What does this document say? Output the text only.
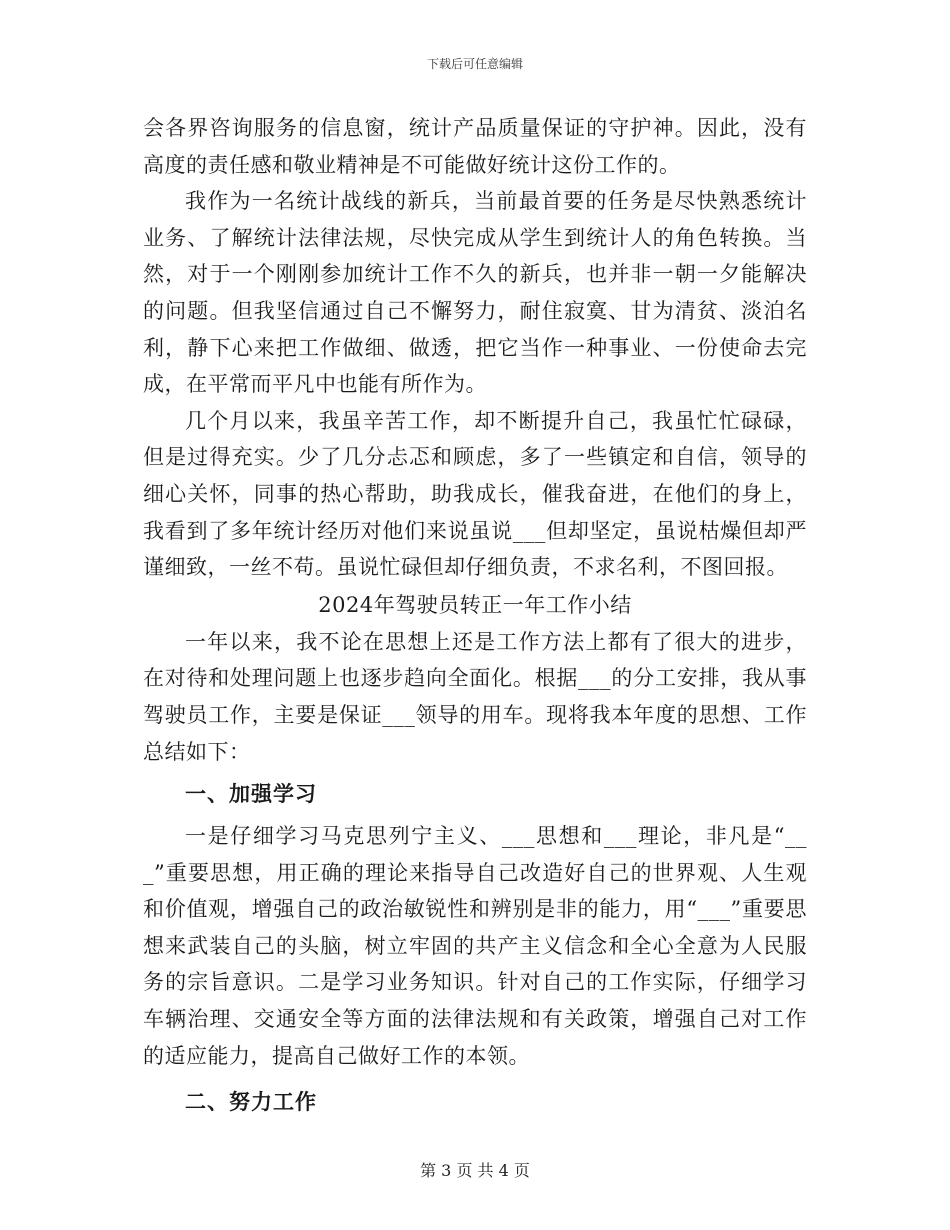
下载后可任意编辑

会各界咨询服务的信息窗，统计产品质量保证的守护神。因此，没有高度的责任感和敬业精神是不可能做好统计这份工作的。

我作为一名统计战线的新兵，当前最首要的任务是尽快熟悉统计业务、了解统计法律法规，尽快完成从学生到统计人的角色转换。当然，对于一个刚刚参加统计工作不久的新兵，也并非一朝一夕能解决的问题。但我坚信通过自己不懈努力，耐住寂寞、甘为清贫、淡泊名利，静下心来把工作做细、做透，把它当作一种事业、一份使命去完成，在平常而平凡中也能有所作为。

几个月以来，我虽辛苦工作，却不断提升自己，我虽忙忙碌碌，但是过得充实。少了几分忐忑和顾虑，多了一些镇定和自信，领导的细心关怀，同事的热心帮助，助我成长，催我奋进，在他们的身上，我看到了多年统计经历对他们来说虽说___但却坚定，虽说枯燥但却严谨细致，一丝不苟。虽说忙碌但却仔细负责，不求名利，不图回报。

2024年驾驶员转正一年工作小结

一年以来，我不论在思想上还是工作方法上都有了很大的进步，在对待和处理问题上也逐步趋向全面化。根据___的分工安排，我从事驾驶员工作，主要是保证___领导的用车。现将我本年度的思想、工作总结如下：

一、加强学习

一是仔细学习马克思列宁主义、___思想和___理论，非凡是“___”重要思想，用正确的理论来指导自己改造好自己的世界观、人生观和价值观，增强自己的政治敏锐性和辨别是非的能力，用“___”重要思想来武装自己的头脑，树立牢固的共产主义信念和全心全意为人民服务的宗旨意识。二是学习业务知识。针对自己的工作实际，仔细学习车辆治理、交通安全等方面的法律法规和有关政策，增强自己对工作的适应能力，提高自己做好工作的本领。

二、努力工作

第 3 页 共 4 页
